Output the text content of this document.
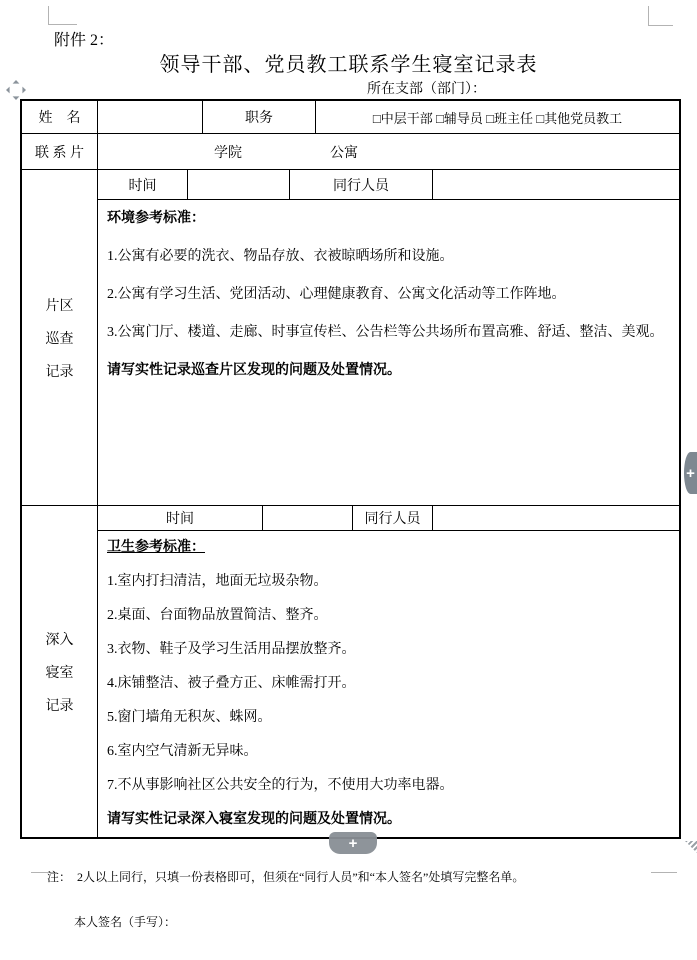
附件 2：
领导干部、党员教工联系学生寝室记录表
所在支部（部门）：
姓　名	职务	□中层干部 □辅导员 □班主任 □其他党员教工
联 系 片	学院	公寓
片区
巡查
记录
时间	同行人员

环境参考标准：

1.公寓有必要的洗衣、物品存放、衣被晾晒场所和设施。

2.公寓有学习生活、党团活动、心理健康教育、公寓文化活动等工作阵地。

3.公寓门厅、楼道、走廊、时事宣传栏、公告栏等公共场所布置高雅、舒适、整洁、美观。

请写实性记录巡查片区发现的问题及处置情况。

深入
寝室
记录
时间	同行人员

卫生参考标准：

1.室内打扫清洁，地面无垃圾杂物。

2.桌面、台面物品放置简洁、整齐。

3.衣物、鞋子及学习生活用品摆放整齐。

4.床铺整洁、被子叠方正、床帷需打开。

5.窗门墙角无积灰、蛛网。

6.室内空气清新无异味。

7.不从事影响社区公共安全的行为，不使用大功率电器。

请写实性记录深入寝室发现的问题及处置情况。

注： 2人以上同行，只填一份表格即可，但须在“同行人员”和“本人签名”处填写完整名单。

本人签名（手写）：

+
+
